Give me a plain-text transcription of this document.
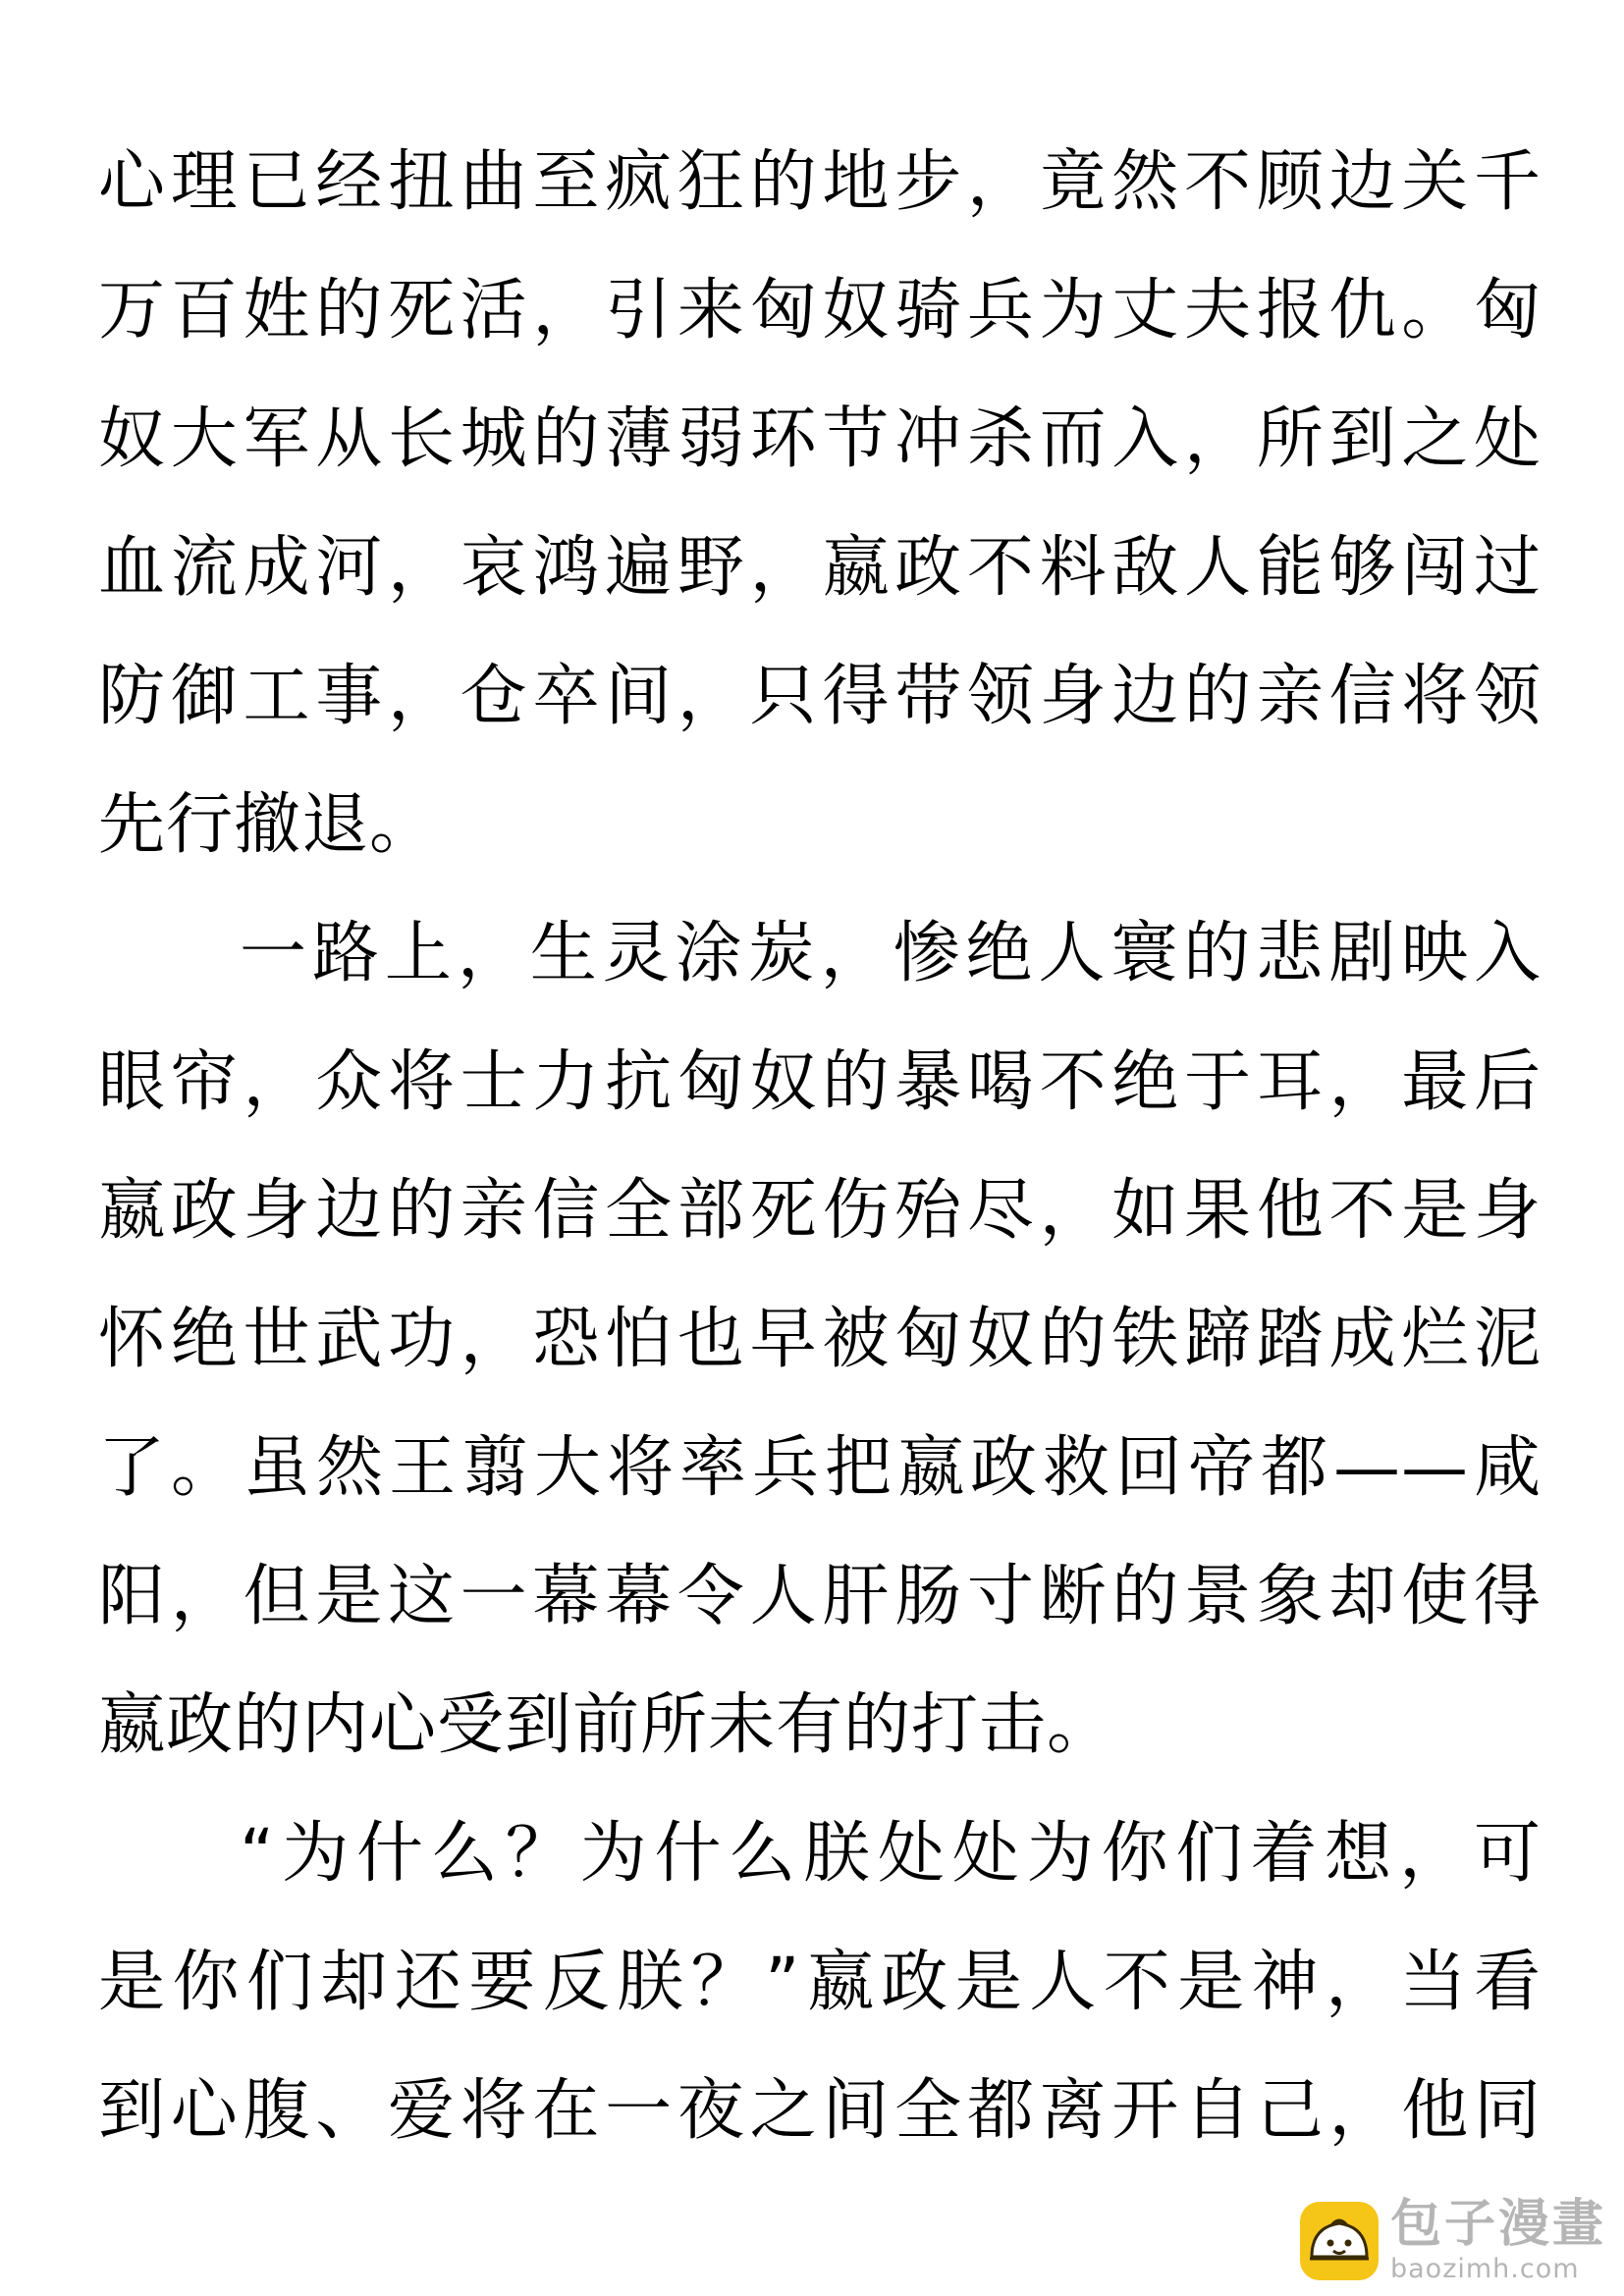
心理已经扭曲至疯狂的地步，竟然不顾边关千
万百姓的死活，引来匈奴骑兵为丈夫报仇。匈
奴大军从长城的薄弱环节冲杀而入，所到之处
血流成河，哀鸿遍野，嬴政不料敌人能够闯过
防御工事，仓卒间，只得带领身边的亲信将领
先行撤退。
一路上，生灵涂炭，惨绝人寰的悲剧映入
眼帘，众将士力抗匈奴的暴喝不绝于耳，最后
嬴政身边的亲信全部死伤殆尽，如果他不是身
怀绝世武功，恐怕也早被匈奴的铁蹄踏成烂泥
了。虽然王翦大将率兵把嬴政救回帝都——咸
阳，但是这一幕幕令人肝肠寸断的景象却使得
嬴政的内心受到前所未有的打击。
“为什么？为什么朕处处为你们着想，可
是你们却还要反朕？”嬴政是人不是神，当看
到心腹、爱将在一夜之间全都离开自己，他同
包子漫畫
baozimh.com
